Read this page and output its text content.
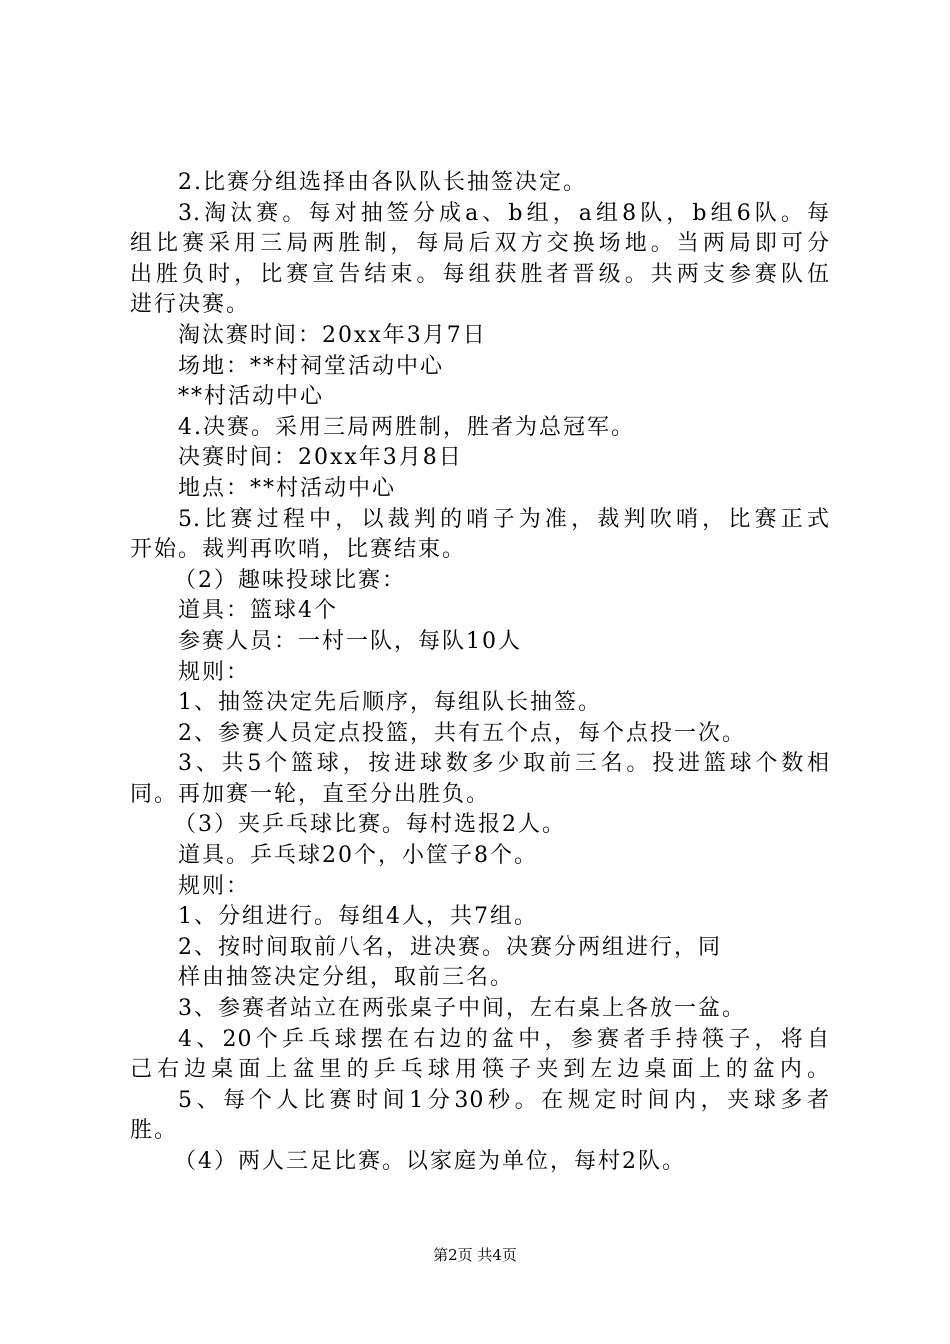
2.比赛分组选择由各队队长抽签决定。
3.淘汰赛。每对抽签分成a、b组，a组8队，b组6队。每
组比赛采用三局两胜制，每局后双方交换场地。当两局即可分
出胜负时，比赛宣告结束。每组获胜者晋级。共两支参赛队伍
进行决赛。
淘汰赛时间：20xx年3月7日
场地：**村祠堂活动中心
**村活动中心
4.决赛。采用三局两胜制，胜者为总冠军。
决赛时间：20xx年3月8日
地点：**村活动中心
5.比赛过程中，以裁判的哨子为准，裁判吹哨，比赛正式
开始。裁判再吹哨，比赛结束。
（2）趣味投球比赛：
道具：篮球4个
参赛人员：一村一队，每队10人
规则：
1、抽签决定先后顺序，每组队长抽签。
2、参赛人员定点投篮，共有五个点，每个点投一次。
3、共5个篮球，按进球数多少取前三名。投进篮球个数相
同。再加赛一轮，直至分出胜负。
（3）夹乒乓球比赛。每村选报2人。
道具。乒乓球20个，小筐子8个。
规则：
1、分组进行。每组4人，共7组。
2、按时间取前八名，进决赛。决赛分两组进行，同
样由抽签决定分组，取前三名。
3、参赛者站立在两张桌子中间，左右桌上各放一盆。
4、20个乒乓球摆在右边的盆中，参赛者手持筷子，将自
己右边桌面上盆里的乒乓球用筷子夹到左边桌面上的盆内。
5、每个人比赛时间1分30秒。在规定时间内，夹球多者
胜。
（4）两人三足比赛。以家庭为单位，每村2队。
第2页 共4页
